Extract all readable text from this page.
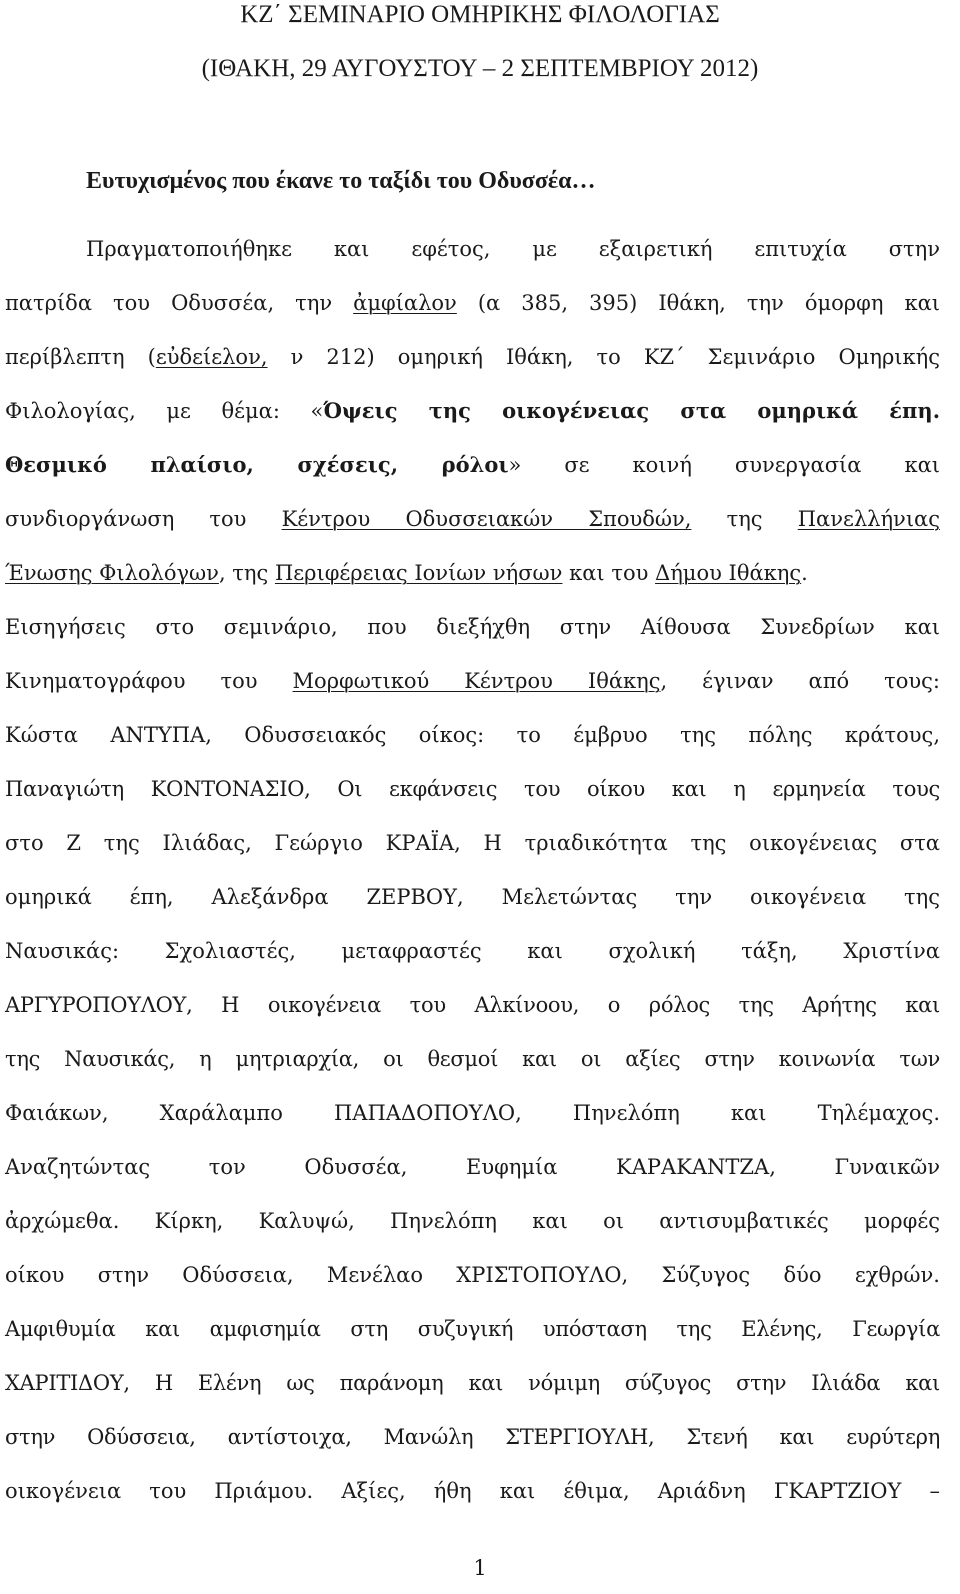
ΚΖ΄ ΣΕΜΙΝΑΡΙΟ ΟΜΗΡΙΚΗΣ ΦΙΛΟΛΟΓΙΑΣ
(ΙΘΑΚΗ, 29 ΑΥΓΟΥΣΤΟΥ – 2 ΣΕΠΤΕΜΒΡΙΟΥ 2012)
Ευτυχισμένος που έκανε το ταξίδι του Οδυσσέα…
Πραγματοποιήθηκε και εφέτος, με εξαιρετική επιτυχία στην
πατρίδα του Οδυσσέα, την ἀμφίαλον (α 385, 395) Ιθάκη, την όμορφη και
περίβλεπτη (εὐδείελον, ν 212) ομηρική Ιθάκη, το ΚΖ΄ Σεμινάριο Ομηρικής
Φιλολογίας, με θέμα: «Όψεις της οικογένειας στα ομηρικά έπη.
Θεσμικό πλαίσιο, σχέσεις, ρόλοι» σε κοινή συνεργασία και
συνδιοργάνωση του Κέντρου Οδυσσειακών Σπουδών, της Πανελλήνιας
Ένωσης Φιλολόγων, της Περιφέρειας Ιονίων νήσων και του Δήμου Ιθάκης.
Εισηγήσεις στο σεμινάριο, που διεξήχθη στην Αίθουσα Συνεδρίων και
Κινηματογράφου του Μορφωτικού Κέντρου Ιθάκης, έγιναν από τους:
Κώστα ΑΝΤΥΠΑ, Οδυσσειακός οίκος: το έμβρυο της πόλης κράτους,
Παναγιώτη ΚΟΝΤΟΝΑΣΙΟ, Οι εκφάνσεις του οίκου και η ερμηνεία τους
στο Ζ της Ιλιάδας, Γεώργιο ΚΡΑΪΑ, Η τριαδικότητα της οικογένειας στα
ομηρικά έπη, Αλεξάνδρα ΖΕΡΒΟΥ, Μελετώντας την οικογένεια της
Ναυσικάς: Σχολιαστές, μεταφραστές και σχολική τάξη, Χριστίνα
ΑΡΓΥΡΟΠΟΥΛΟΥ, Η οικογένεια του Αλκίνοου, ο ρόλος της Αρήτης και
της Ναυσικάς, η μητριαρχία, οι θεσμοί και οι αξίες στην κοινωνία των
Φαιάκων, Χαράλαμπο ΠΑΠΑΔΟΠΟΥΛΟ, Πηνελόπη και Τηλέμαχος.
Αναζητώντας τον Οδυσσέα, Ευφημία ΚΑΡΑΚΑΝΤΖΑ, Γυναικῶν
ἀρχώμεθα. Κίρκη, Καλυψώ, Πηνελόπη και οι αντισυμβατικές μορφές
οίκου στην Οδύσσεια, Μενέλαο ΧΡΙΣΤΟΠΟΥΛΟ, Σύζυγος δύο εχθρών.
Αμφιθυμία και αμφισημία στη συζυγική υπόσταση της Ελένης, Γεωργία
ΧΑΡΙΤΙΔΟΥ, Η Ελένη ως παράνομη και νόμιμη σύζυγος στην Ιλιάδα και
στην Οδύσσεια, αντίστοιχα, Μανώλη ΣΤΕΡΓΙΟΥΛΗ, Στενή και ευρύτερη
οικογένεια του Πριάμου. Αξίες, ήθη και έθιμα, Αριάδνη ΓΚΑΡΤΖΙΟΥ –
1
